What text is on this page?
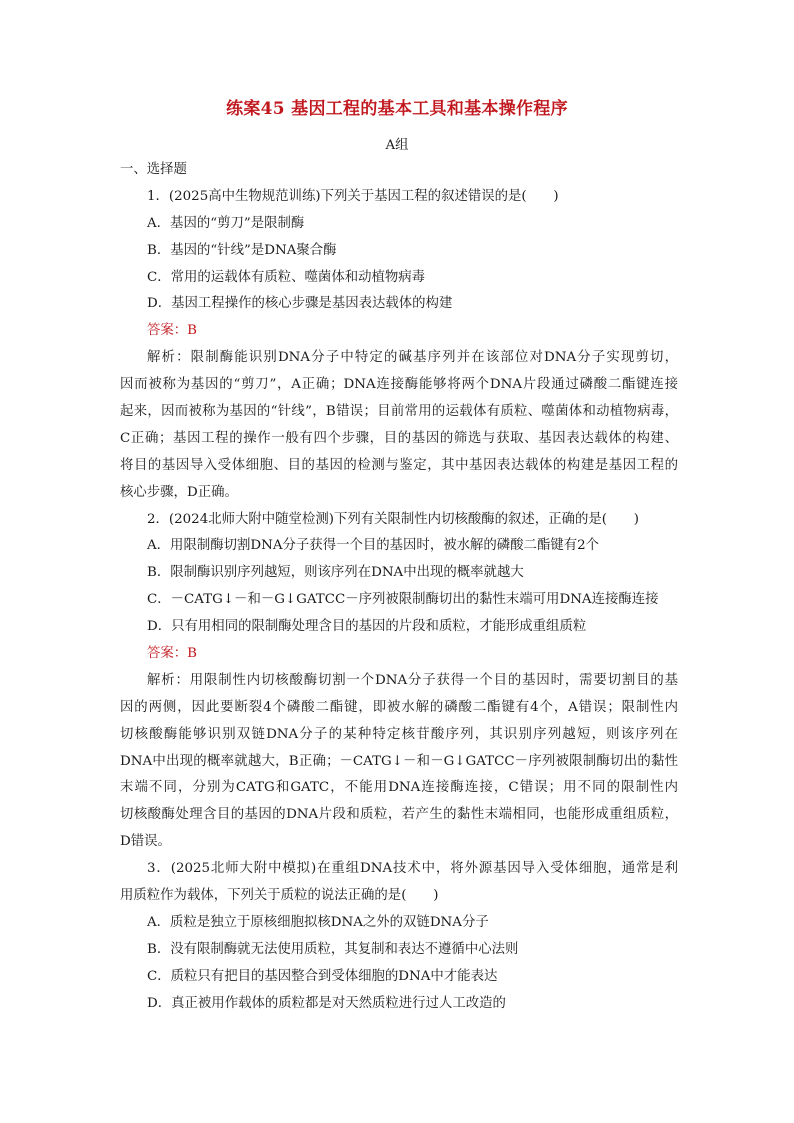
练案45 基因工程的基本工具和基本操作程序
A组
一、选择题
1．(2025高中生物规范训练)下列关于基因工程的叙述错误的是(　　)
A．基因的“剪刀”是限制酶
B．基因的“针线”是DNA聚合酶
C．常用的运载体有质粒、噬菌体和动植物病毒
D．基因工程操作的核心步骤是基因表达载体的构建
答案：B
解析：限制酶能识别DNA分子中特定的碱基序列并在该部位对DNA分子实现剪切，
因而被称为基因的“剪刀”，A正确；DNA连接酶能够将两个DNA片段通过磷酸二酯键连接
起来，因而被称为基因的“针线”，B错误；目前常用的运载体有质粒、噬菌体和动植物病毒，
C正确；基因工程的操作一般有四个步骤，目的基因的筛选与获取、基因表达载体的构建、
将目的基因导入受体细胞、目的基因的检测与鉴定，其中基因表达载体的构建是基因工程的
核心步骤，D正确。
2．(2024北师大附中随堂检测)下列有关限制性内切核酸酶的叙述，正确的是(　　)
A．用限制酶切割DNA分子获得一个目的基因时，被水解的磷酸二酯键有2个
B．限制酶识别序列越短，则该序列在DNA中出现的概率就越大
C．－CATG↓－和－G↓GATCC－序列被限制酶切出的黏性末端可用DNA连接酶连接
D．只有用相同的限制酶处理含目的基因的片段和质粒，才能形成重组质粒
答案：B
解析：用限制性内切核酸酶切割一个DNA分子获得一个目的基因时，需要切割目的基
因的两侧，因此要断裂4个磷酸二酯键，即被水解的磷酸二酯键有4个，A错误；限制性内
切核酸酶能够识别双链DNA分子的某种特定核苷酸序列，其识别序列越短，则该序列在
DNA中出现的概率就越大，B正确；－CATG↓－和－G↓GATCC－序列被限制酶切出的黏性
末端不同，分别为CATG和GATC，不能用DNA连接酶连接，C错误；用不同的限制性内
切核酸酶处理含目的基因的DNA片段和质粒，若产生的黏性末端相同，也能形成重组质粒，
D错误。
3．(2025北师大附中模拟)在重组DNA技术中，将外源基因导入受体细胞，通常是利
用质粒作为载体，下列关于质粒的说法正确的是(　　)
A．质粒是独立于原核细胞拟核DNA之外的双链DNA分子
B．没有限制酶就无法使用质粒，其复制和表达不遵循中心法则
C．质粒只有把目的基因整合到受体细胞的DNA中才能表达
D．真正被用作载体的质粒都是对天然质粒进行过人工改造的
